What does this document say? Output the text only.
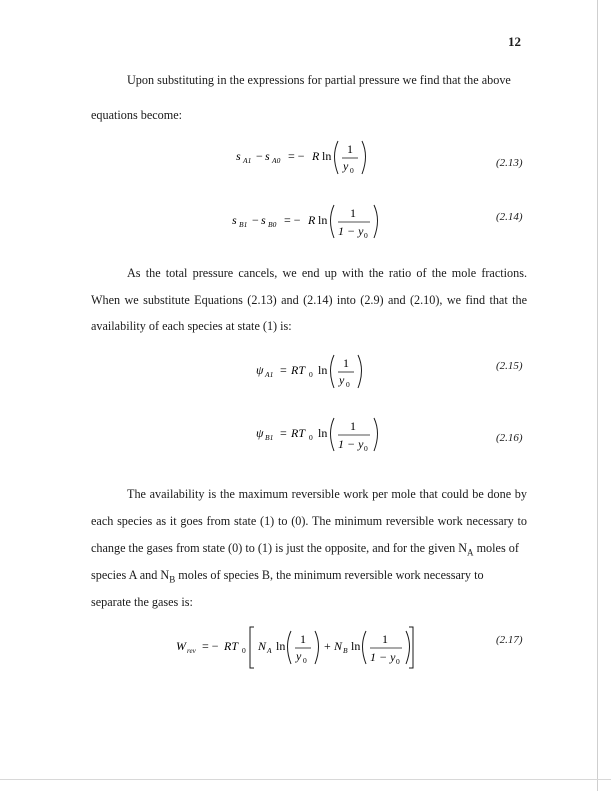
12
Upon substituting in the expressions for partial pressure we find that the above
equations become:
s A1 − s A0 = − R ln 1
y 0
(2.13)
s B1 − s B0 = − R ln 1
1 − y 0
(2.14)
As the total pressure cancels, we end up with the ratio of the mole fractions.
When we substitute Equations (2.13) and (2.14) into (2.9) and (2.10), we find that the
availability of each species at state (1) is:
ψ A1 = RT 0 ln 1
y 0
(2.15)
ψ B1 = RT 0 ln 1
1 − y 0
(2.16)
The availability is the maximum reversible work per mole that could be done by
each species as it goes from state (1) to (0). The minimum reversible work necessary to
change the gases from state (0) to (1) is just the opposite, and for the given $N_A$ moles of
species A and $N_B$ moles of species B, the minimum reversible work necessary to
separate the gases is:
W rev = − RT 0 N A ln 1
y 0
+ N B ln 1
1 − y 0
(2.17)
